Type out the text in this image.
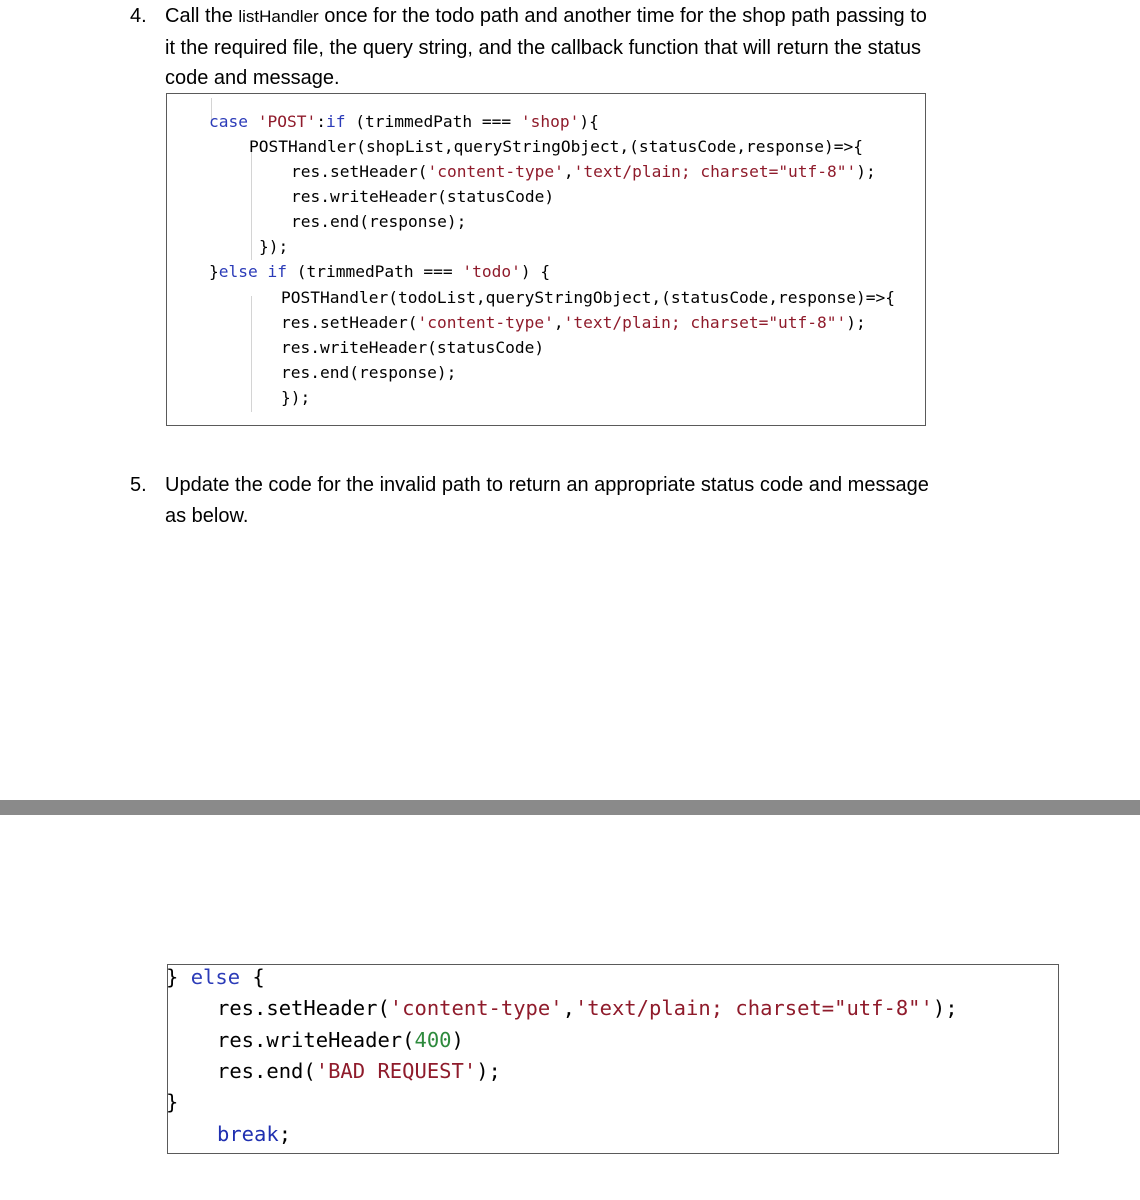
4. Call the listHandler once for the todo path and another time for the shop path passing to
it the required file, the query string, and the callback function that will return the status
code and message.
case 'POST':if (trimmedPath === 'shop'){
POSTHandler(shopList,queryStringObject,(statusCode,response)=>{
res.setHeader('content-type','text/plain; charset="utf-8"');
res.writeHeader(statusCode)
res.end(response);
});
}else if (trimmedPath === 'todo') {
POSTHandler(todoList,queryStringObject,(statusCode,response)=>{
res.setHeader('content-type','text/plain; charset="utf-8"');
res.writeHeader(statusCode)
res.end(response);
});
5. Update the code for the invalid path to return an appropriate status code and message
as below.
} else {
res.setHeader('content-type','text/plain; charset="utf-8"');
res.writeHeader(400)
res.end('BAD REQUEST');
}
break;
